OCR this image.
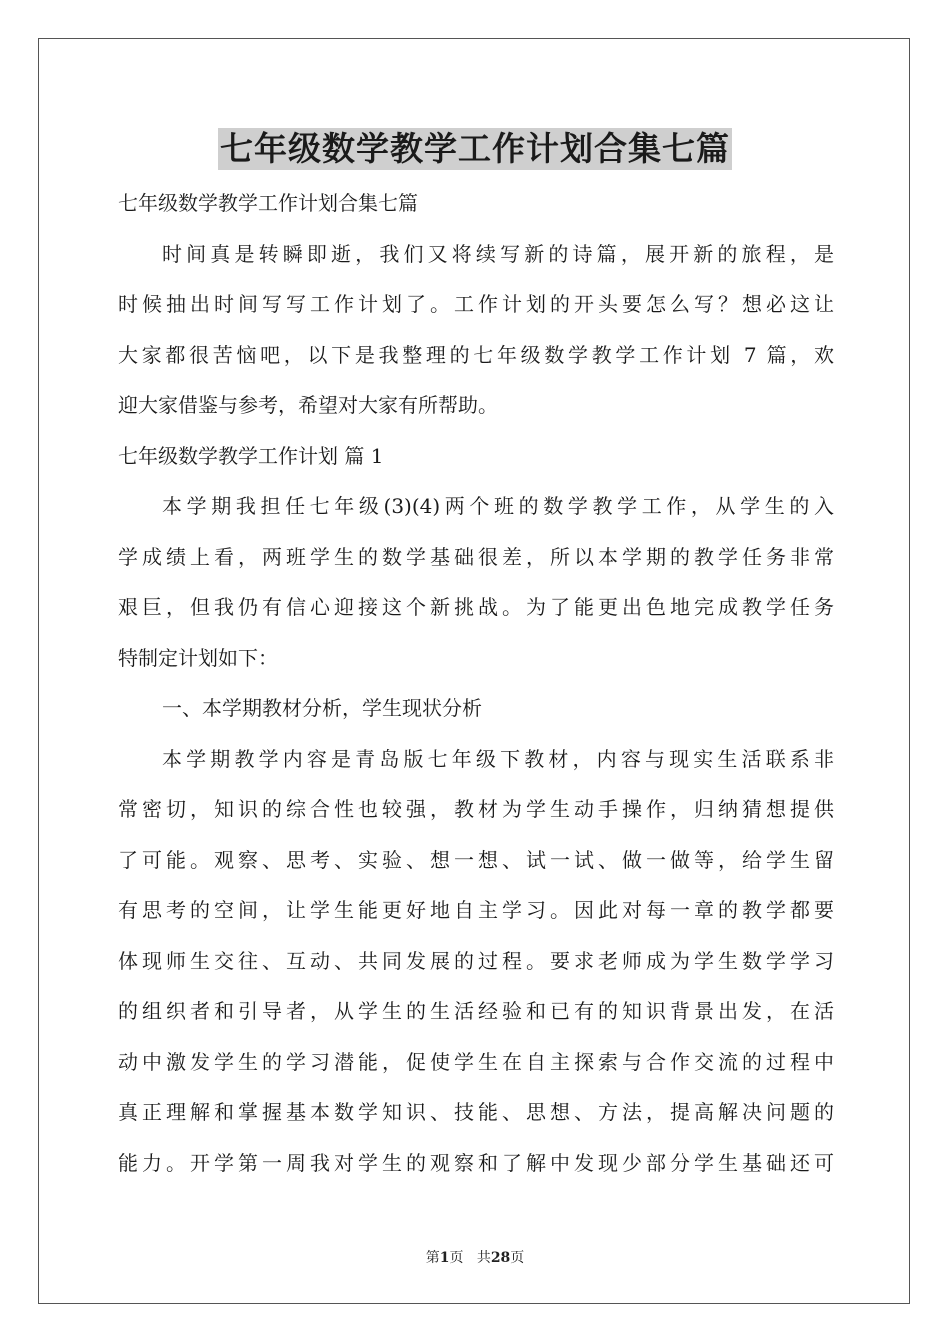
七年级数学教学工作计划合集七篇
七年级数学教学工作计划合集七篇
时间真是转瞬即逝，我们又将续写新的诗篇，展开新的旅程，是
时候抽出时间写写工作计划了。工作计划的开头要怎么写？想必这让
大家都很苦恼吧，以下是我整理的七年级数学教学工作计划 7 篇，欢
迎大家借鉴与参考，希望对大家有所帮助。
七年级数学教学工作计划 篇 1
本学期我担任七年级(3)(4)两个班的数学教学工作，从学生的入
学成绩上看，两班学生的数学基础很差，所以本学期的教学任务非常
艰巨，但我仍有信心迎接这个新挑战。为了能更出色地完成教学任务
特制定计划如下：
一、本学期教材分析，学生现状分析
本学期教学内容是青岛版七年级下教材，内容与现实生活联系非
常密切，知识的综合性也较强，教材为学生动手操作，归纳猜想提供
了可能。观察、思考、实验、想一想、试一试、做一做等，给学生留
有思考的空间，让学生能更好地自主学习。因此对每一章的教学都要
体现师生交往、互动、共同发展的过程。要求老师成为学生数学学习
的组织者和引导者，从学生的生活经验和已有的知识背景出发，在活
动中激发学生的学习潜能，促使学生在自主探索与合作交流的过程中
真正理解和掌握基本数学知识、技能、思想、方法，提高解决问题的
能力。开学第一周我对学生的观察和了解中发现少部分学生基础还可
第1页 共28页
